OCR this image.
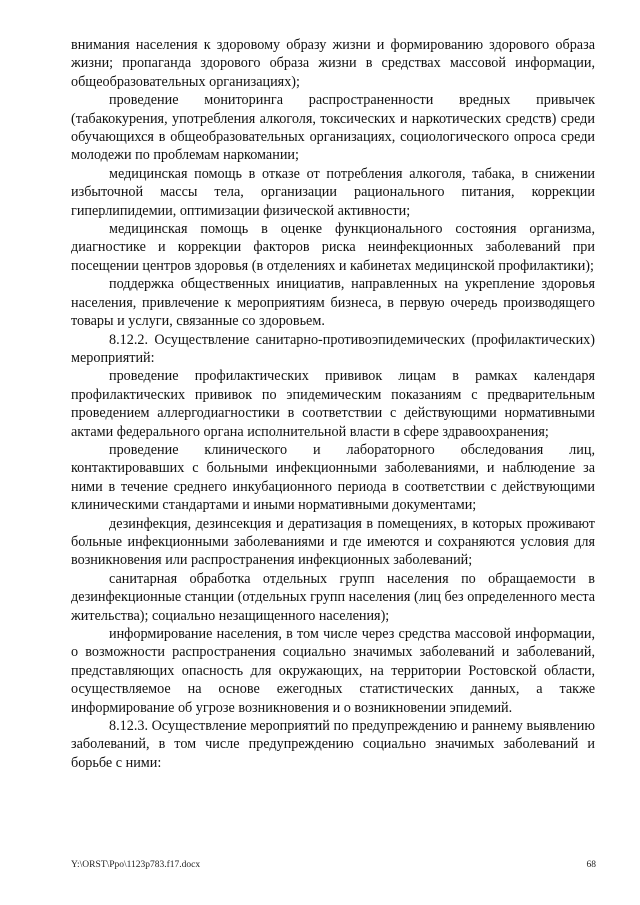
внимания населения к здоровому образу жизни и формированию здорового образа жизни; пропаганда здорового образа жизни в средствах массовой информации, общеобразовательных организациях);

проведение мониторинга распространенности вредных привычек (табакокурения, употребления алкоголя, токсических и наркотических средств) среди обучающихся в общеобразовательных организациях, социологического опроса среди молодежи по проблемам наркомании;

медицинская помощь в отказе от потребления алкоголя, табака, в снижении избыточной массы тела, организации рационального питания, коррекции гиперлипидемии, оптимизации физической активности;

медицинская помощь в оценке функционального состояния организма, диагностике и коррекции факторов риска неинфекционных заболеваний при посещении центров здоровья (в отделениях и кабинетах медицинской профилактики);

поддержка общественных инициатив, направленных на укрепление здоровья населения, привлечение к мероприятиям бизнеса, в первую очередь производящего товары и услуги, связанные со здоровьем.

8.12.2. Осуществление санитарно-противоэпидемических (профилактических) мероприятий:

проведение профилактических прививок лицам в рамках календаря профилактических прививок по эпидемическим показаниям с предварительным проведением аллергодиагностики в соответствии с действующими нормативными актами федерального органа исполнительной власти в сфере здравоохранения;

проведение клинического и лабораторного обследования лиц, контактировавших с больными инфекционными заболеваниями, и наблюдение за ними в течение среднего инкубационного периода в соответствии с действующими клиническими стандартами и иными нормативными документами;

дезинфекция, дезинсекция и дератизация в помещениях, в которых проживают больные инфекционными заболеваниями и где имеются и сохраняются условия для возникновения или распространения инфекционных заболеваний;

санитарная обработка отдельных групп населения по обращаемости в дезинфекционные станции (отдельных групп населения (лиц без определенного места жительства); социально незащищенного населения);

информирование населения, в том числе через средства массовой информации, о возможности распространения социально значимых заболеваний и заболеваний, представляющих опасность для окружающих, на территории Ростовской области, осуществляемое на основе ежегодных статистических данных, а также информирование об угрозе возникновения и о возникновении эпидемий.

8.12.3. Осуществление мероприятий по предупреждению и раннему выявлению заболеваний, в том числе предупреждению социально значимых заболеваний и борьбе с ними:

Y:\ORST\Ppo\1123p783.f17.docx	68
